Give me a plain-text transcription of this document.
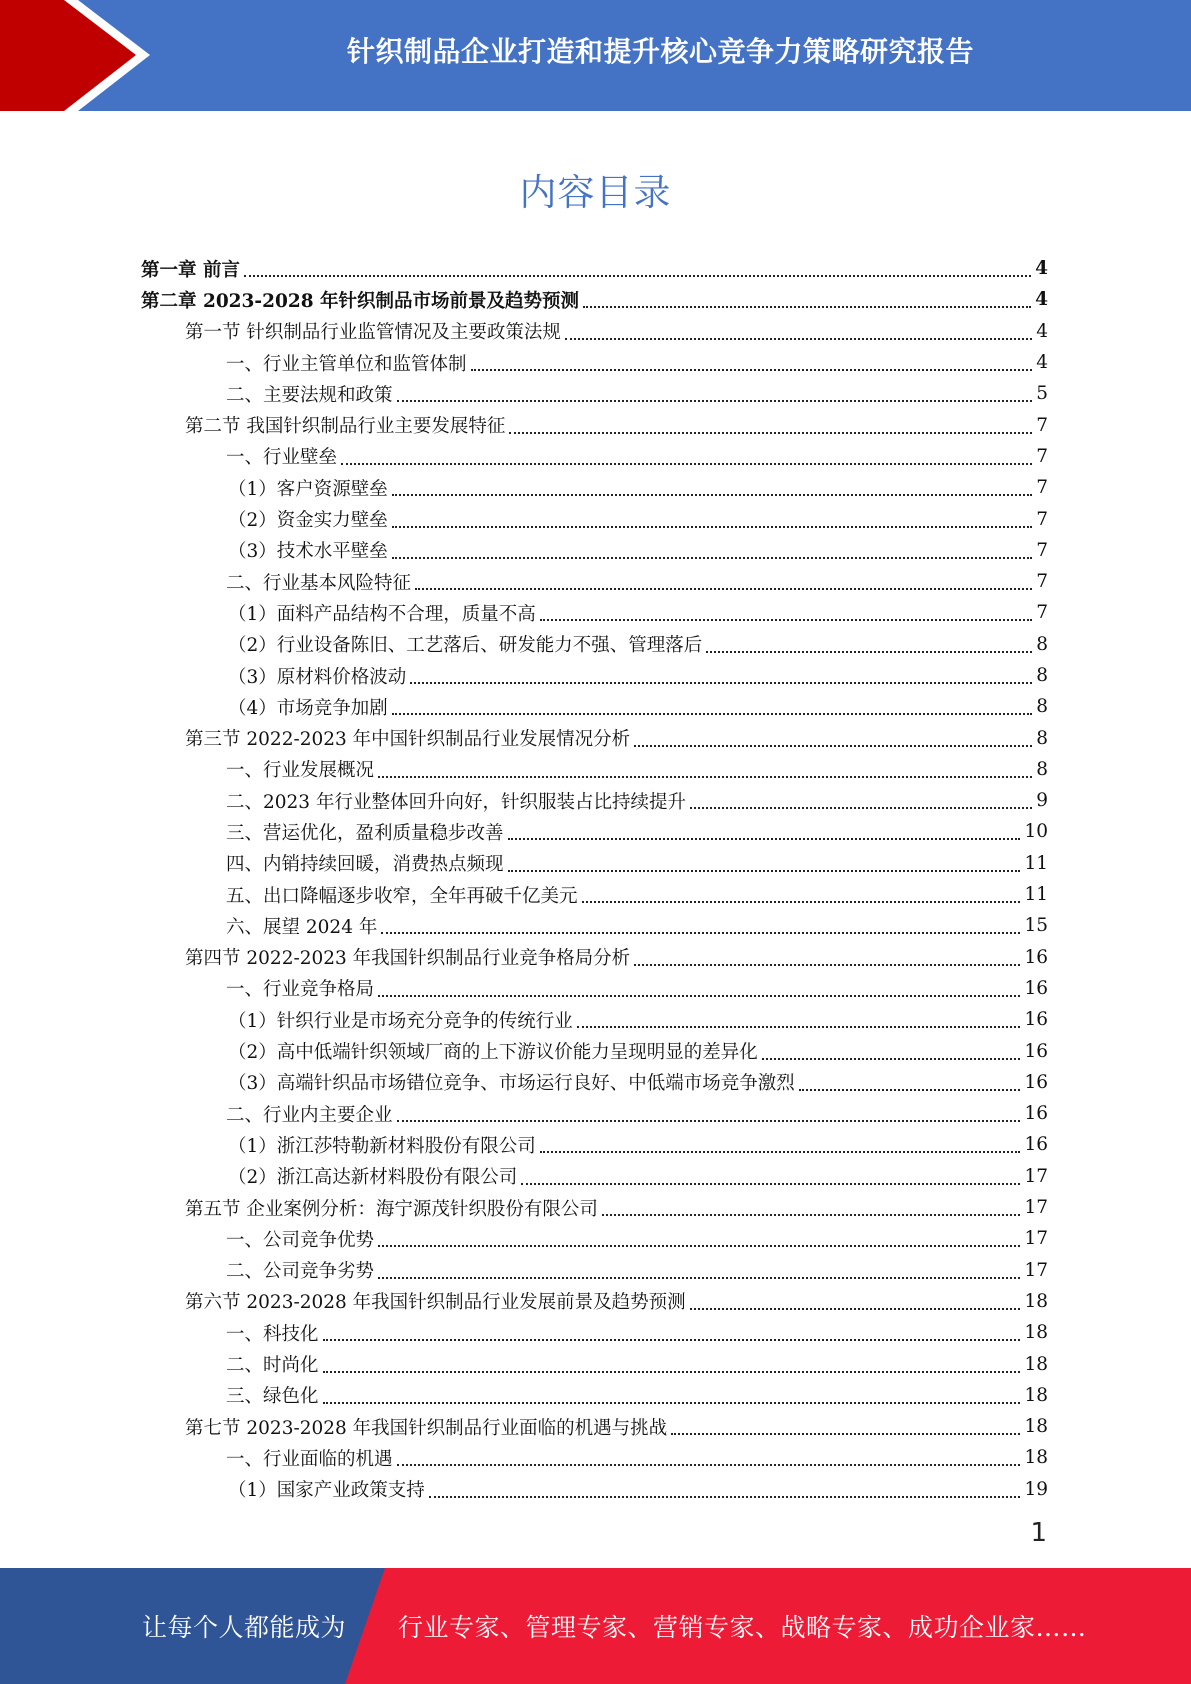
针织制品企业打造和提升核心竞争力策略研究报告
内容目录
第一章 前言	4
第二章 2023-2028 年针织制品市场前景及趋势预测	4
第一节 针织制品行业监管情况及主要政策法规	4
一、行业主管单位和监管体制	4
二、主要法规和政策	5
第二节 我国针织制品行业主要发展特征	7
一、行业壁垒	7
（1）客户资源壁垒	7
（2）资金实力壁垒	7
（3）技术水平壁垒	7
二、行业基本风险特征	7
（1）面料产品结构不合理，质量不高	7
（2）行业设备陈旧、工艺落后、研发能力不强、管理落后	8
（3）原材料价格波动	8
（4）市场竞争加剧	8
第三节 2022-2023 年中国针织制品行业发展情况分析	8
一、行业发展概况	8
二、2023 年行业整体回升向好，针织服装占比持续提升	9
三、营运优化，盈利质量稳步改善	10
四、内销持续回暖，消费热点频现	11
五、出口降幅逐步收窄，全年再破千亿美元	11
六、展望 2024 年	15
第四节 2022-2023 年我国针织制品行业竞争格局分析	16
一、行业竞争格局	16
（1）针织行业是市场充分竞争的传统行业	16
（2）高中低端针织领域厂商的上下游议价能力呈现明显的差异化	16
（3）高端针织品市场错位竞争、市场运行良好、中低端市场竞争激烈	16
二、行业内主要企业	16
（1）浙江莎特勒新材料股份有限公司	16
（2）浙江高达新材料股份有限公司	17
第五节 企业案例分析：海宁源茂针织股份有限公司	17
一、公司竞争优势	17
二、公司竞争劣势	17
第六节 2023-2028 年我国针织制品行业发展前景及趋势预测	18
一、科技化	18
二、时尚化	18
三、绿色化	18
第七节 2023-2028 年我国针织制品行业面临的机遇与挑战	18
一、行业面临的机遇	18
（1）国家产业政策支持	19
1
让每个人都能成为 行业专家、管理专家、营销专家、战略专家、成功企业家……
